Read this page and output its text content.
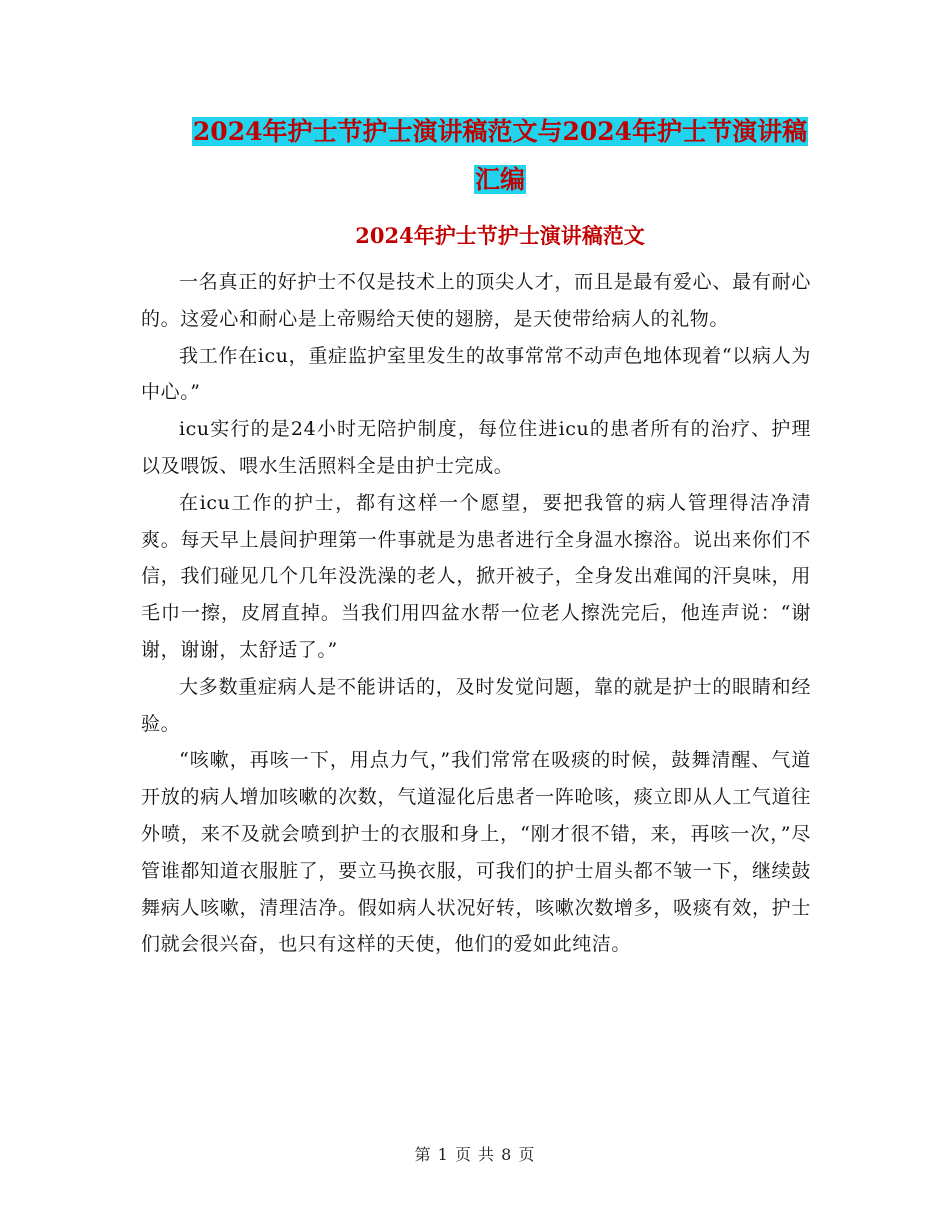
2024年护士节护士演讲稿范文与2024年护士节演讲稿
汇编
2024年护士节护士演讲稿范文

一名真正的好护士不仅是技术上的顶尖人才，而且是最有爱心、最有耐心的。这爱心和耐心是上帝赐给天使的翅膀，是天使带给病人的礼物。

我工作在icu，重症监护室里发生的故事常常不动声色地体现着“以病人为中心。”

icu实行的是24小时无陪护制度，每位住进icu的患者所有的治疗、护理以及喂饭、喂水生活照料全是由护士完成。

在icu工作的护士，都有这样一个愿望，要把我管的病人管理得洁净清爽。每天早上晨间护理第一件事就是为患者进行全身温水擦浴。说出来你们不信，我们碰见几个几年没洗澡的老人，掀开被子，全身发出难闻的汗臭味，用毛巾一擦，皮屑直掉。当我们用四盆水帮一位老人擦洗完后，他连声说：“谢谢，谢谢，太舒适了。”

大多数重症病人是不能讲话的，及时发觉问题，靠的就是护士的眼睛和经验。

“咳嗽，再咳一下，用点力气，”我们常常在吸痰的时候，鼓舞清醒、气道开放的病人增加咳嗽的次数，气道湿化后患者一阵呛咳，痰立即从人工气道往外喷，来不及就会喷到护士的衣服和身上，“刚才很不错，来，再咳一次，”尽管谁都知道衣服脏了，要立马换衣服，可我们的护士眉头都不皱一下，继续鼓舞病人咳嗽，清理洁净。假如病人状况好转，咳嗽次数增多，吸痰有效，护士们就会很兴奋，也只有这样的天使，他们的爱如此纯洁。

第 1 页 共 8 页
